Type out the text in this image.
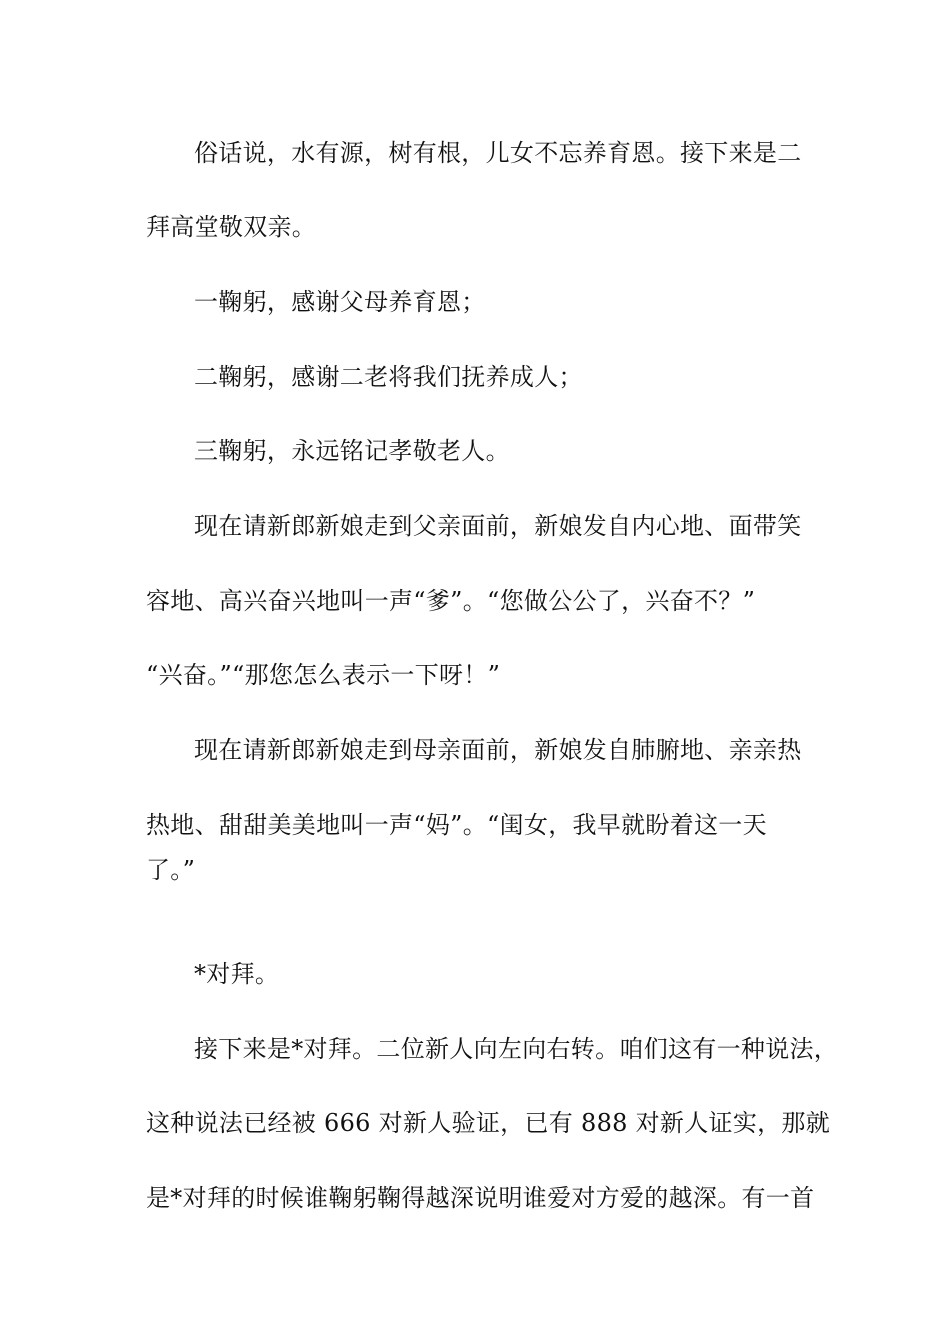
俗话说，水有源，树有根，儿女不忘养育恩。接下来是二
拜高堂敬双亲。
一鞠躬，感谢父母养育恩；
二鞠躬，感谢二老将我们抚养成人；
三鞠躬，永远铭记孝敬老人。
现在请新郎新娘走到父亲面前，新娘发自内心地、面带笑
容地、高兴奋兴地叫一声“爹”。“您做公公了，兴奋不？”
“兴奋。”“那您怎么表示一下呀！”
现在请新郎新娘走到母亲面前，新娘发自肺腑地、亲亲热
热地、甜甜美美地叫一声“妈”。“闺女，我早就盼着这一天
了。”
*对拜。
接下来是*对拜。二位新人向左向右转。咱们这有一种说法，
这种说法已经被 666 对新人验证，已有 888 对新人证实，那就
是*对拜的时候谁鞠躬鞠得越深说明谁爱对方爱的越深。有一首
